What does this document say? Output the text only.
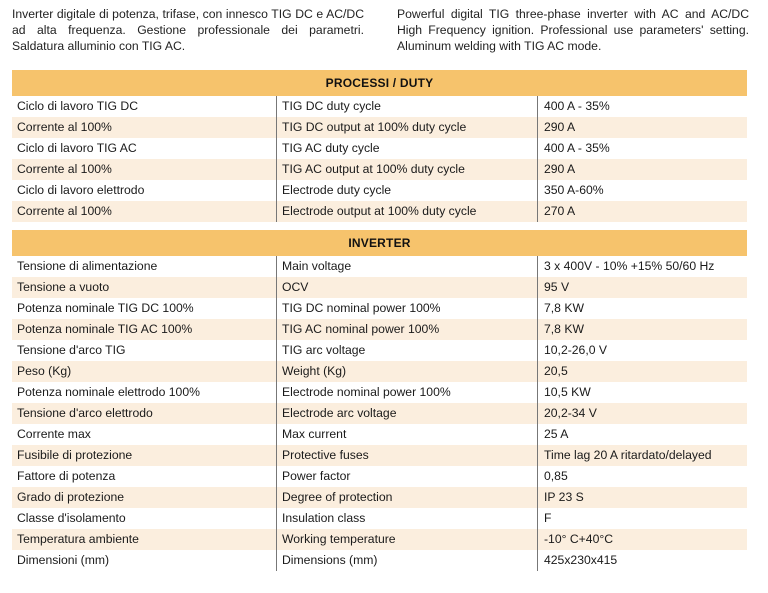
Inverter digitale di potenza, trifase, con innesco TIG DC e AC/DC ad alta frequenza. Gestione professionale dei parametri. Saldatura alluminio con TIG AC.

Powerful digital TIG three-phase inverter with AC and AC/DC High Frequency ignition. Professional use parameters' setting. Aluminum welding with TIG AC mode.

PROCESSI / DUTY
Ciclo di lavoro TIG DC	TIG DC duty cycle	400 A - 35%
Corrente al 100%	TIG DC output at 100% duty cycle	290 A
Ciclo di lavoro TIG AC	TIG AC duty cycle	400 A - 35%
Corrente al 100%	TIG AC output at 100% duty cycle	290 A
Ciclo di lavoro elettrodo	Electrode duty cycle	350 A-60%
Corrente al 100%	Electrode output at 100% duty cycle	270 A
INVERTER
Tensione di alimentazione	Main voltage	3 x 400V - 10% +15% 50/60 Hz
Tensione a vuoto	OCV	95 V
Potenza nominale TIG DC 100%	TIG DC nominal power 100%	7,8 KW
Potenza nominale TIG AC 100%	TIG AC nominal power 100%	7,8 KW
Tensione d'arco TIG	TIG arc voltage	10,2-26,0 V
Peso (Kg)	Weight (Kg)	20,5
Potenza nominale elettrodo 100%	Electrode nominal power 100%	10,5 KW
Tensione d'arco elettrodo	Electrode arc voltage	20,2-34 V
Corrente max	Max current	25 A
Fusibile di protezione	Protective fuses	Time lag 20 A ritardato/delayed
Fattore di potenza	Power factor	0,85
Grado di protezione	Degree of protection	IP 23 S
Classe d'isolamento	Insulation class	F
Temperatura ambiente	Working temperature	-10° C+40°C
Dimensioni (mm)	Dimensions (mm)	425x230x415
